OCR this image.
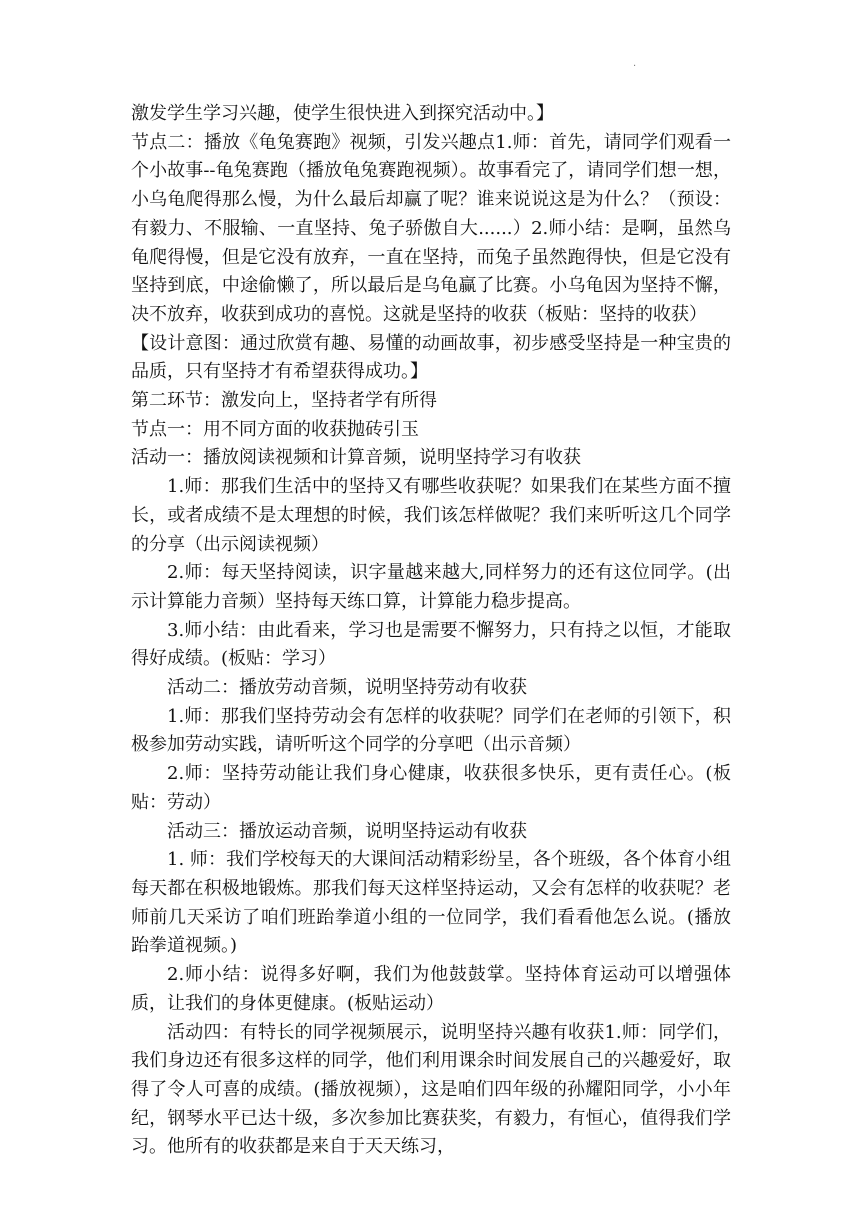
.

激发学生学习兴趣，使学生很快进入到探究活动中。】

节点二：播放《龟兔赛跑》视频，引发兴趣点1.师：首先，请同学们观看一个小故事--龟兔赛跑（播放龟兔赛跑视频）。故事看完了，请同学们想一想，小乌龟爬得那么慢，为什么最后却赢了呢？谁来说说这是为什么？（预设：有毅力、不服输、一直坚持、兔子骄傲自大......）2.师小结：是啊，虽然乌龟爬得慢，但是它没有放弃，一直在坚持，而兔子虽然跑得快，但是它没有坚持到底，中途偷懒了，所以最后是乌龟赢了比赛。小乌龟因为坚持不懈，决不放弃，收获到成功的喜悦。这就是坚持的收获（板贴：坚持的收获）

【设计意图：通过欣赏有趣、易懂的动画故事，初步感受坚持是一种宝贵的品质，只有坚持才有希望获得成功。】

第二环节：激发向上，坚持者学有所得

节点一：用不同方面的收获抛砖引玉

活动一：播放阅读视频和计算音频，说明坚持学习有收获

1.师：那我们生活中的坚持又有哪些收获呢？如果我们在某些方面不擅长，或者成绩不是太理想的时候，我们该怎样做呢？我们来听听这几个同学的分享（出示阅读视频）

2.师：每天坚持阅读，识字量越来越大,同样努力的还有这位同学。(出示计算能力音频）坚持每天练口算，计算能力稳步提高。

3.师小结：由此看来，学习也是需要不懈努力，只有持之以恒，才能取得好成绩。(板贴：学习）

活动二：播放劳动音频，说明坚持劳动有收获

1.师：那我们坚持劳动会有怎样的收获呢？同学们在老师的引领下，积极参加劳动实践，请听听这个同学的分享吧（出示音频）

2.师：坚持劳动能让我们身心健康，收获很多快乐，更有责任心。(板贴：劳动）

活动三：播放运动音频，说明坚持运动有收获

1. 师：我们学校每天的大课间活动精彩纷呈，各个班级，各个体育小组每天都在积极地锻炼。那我们每天这样坚持运动，又会有怎样的收获呢？老师前几天采访了咱们班跆拳道小组的一位同学，我们看看他怎么说。(播放跆拳道视频。)

2.师小结：说得多好啊，我们为他鼓鼓掌。坚持体育运动可以增强体质，让我们的身体更健康。(板贴运动）

活动四：有特长的同学视频展示，说明坚持兴趣有收获1.师：同学们，我们身边还有很多这样的同学，他们利用课余时间发展自己的兴趣爱好，取得了令人可喜的成绩。(播放视频），这是咱们四年级的孙耀阳同学，小小年纪，钢琴水平已达十级，多次参加比赛获奖，有毅力，有恒心，值得我们学习。他所有的收获都是来自于天天练习，
